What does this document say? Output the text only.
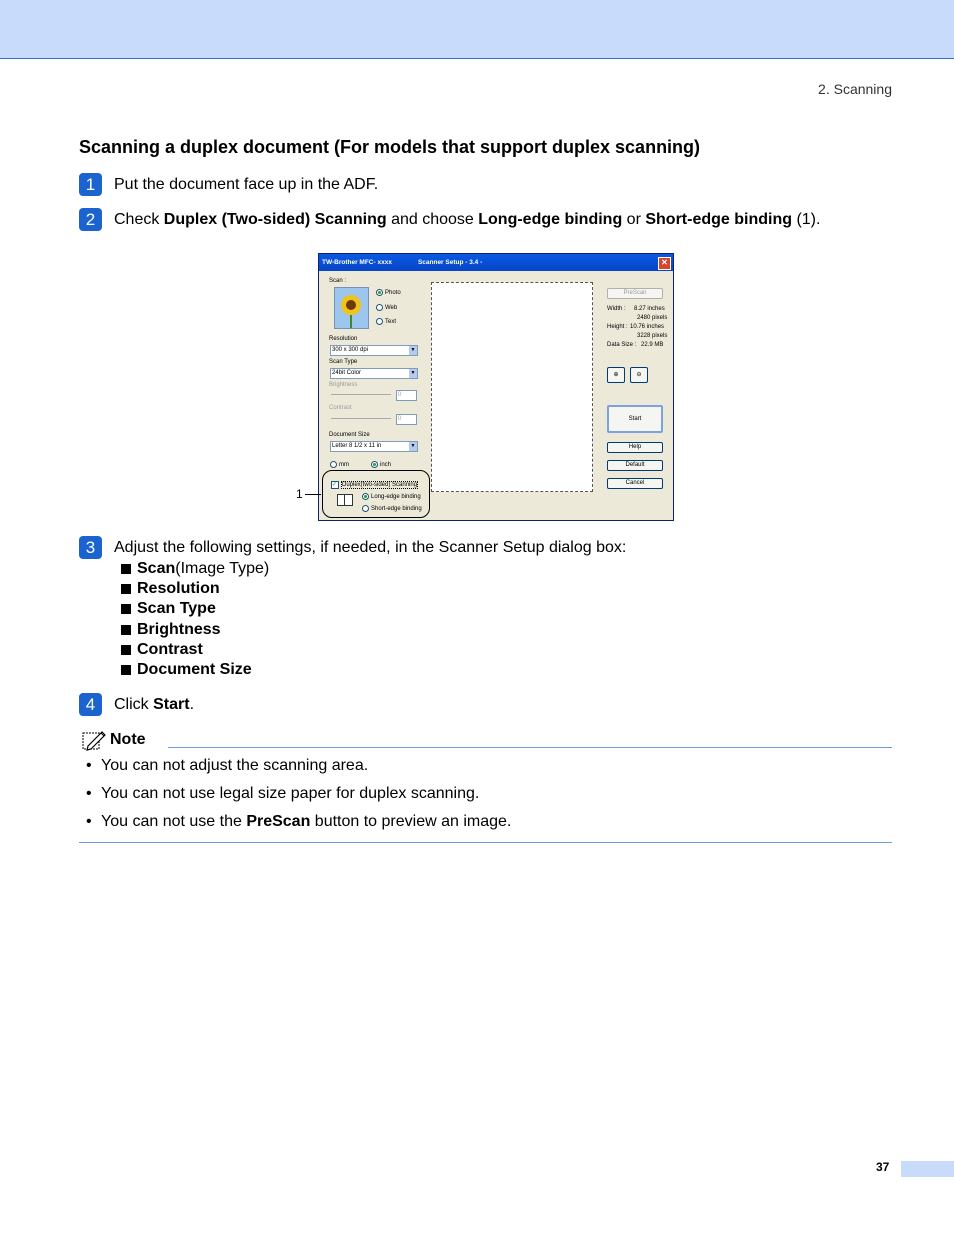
2. Scanning
Scanning a duplex document (For models that support duplex scanning)
1	Put the document face up in the ADF.
2	Check Duplex (Two-sided) Scanning and choose Long-edge binding or Short-edge binding (1).
TW-Brother MFC- xxxx	Scanner Setup - 3.4 -	✕
Scan :
Photo
Web
Text
Resolution
300 x 300 dpi	▼
Scan Type
24bit Color	▼
Brightness
0
Contrast
0
Document Size
Letter 8 1/2 x 11 in	▼
mm	inch
✓ Duplex(two-sided) Scanning
Long-edge binding
Short-edge binding
PreScan
Width : 8.27 inches
2480 pixels
Height : 10.76 inches
3228 pixels
Data Size : 22.9 MB
⊕	⊖
Start
Help
Default
Cancel
1
3	Adjust the following settings, if needed, in the Scanner Setup dialog box:
Scan (Image Type)
Resolution
Scan Type
Brightness
Contrast
Document Size
4	Click Start.
Note
• You can not adjust the scanning area.
• You can not use legal size paper for duplex scanning.
• You can not use the PreScan button to preview an image.
37
